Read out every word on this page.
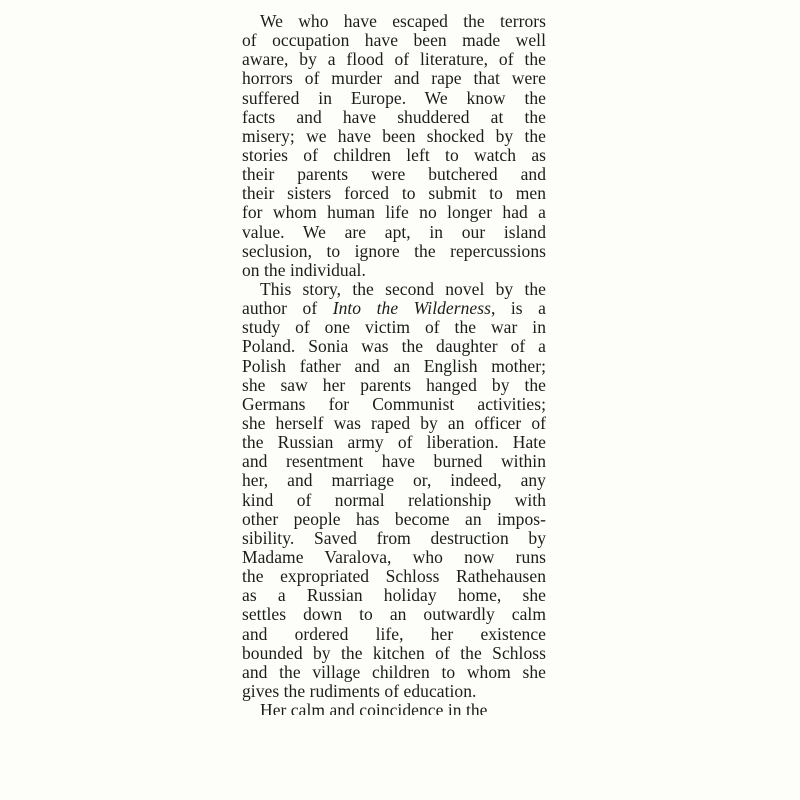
We who have escaped the terrors
of occupation have been made well
aware, by a flood of literature, of the
horrors of murder and rape that were
suffered in Europe. We know the
facts and have shuddered at the
misery; we have been shocked by the
stories of children left to watch as
their parents were butchered and
their sisters forced to submit to men
for whom human life no longer had a
value. We are apt, in our island
seclusion, to ignore the repercussions
on the individual.
This story, the second novel by the
author of Into the Wilderness, is a
study of one victim of the war in
Poland. Sonia was the daughter of a
Polish father and an English mother;
she saw her parents hanged by the
Germans for Communist activities;
she herself was raped by an officer of
the Russian army of liberation. Hate
and resentment have burned within
her, and marriage or, indeed, any
kind of normal relationship with
other people has become an impos-
sibility. Saved from destruction by
Madame Varalova, who now runs
the expropriated Schloss Rathehausen
as a Russian holiday home, she
settles down to an outwardly calm
and ordered life, her existence
bounded by the kitchen of the Schloss
and the village children to whom she
gives the rudiments of education.
Her calm and coincidence in the
